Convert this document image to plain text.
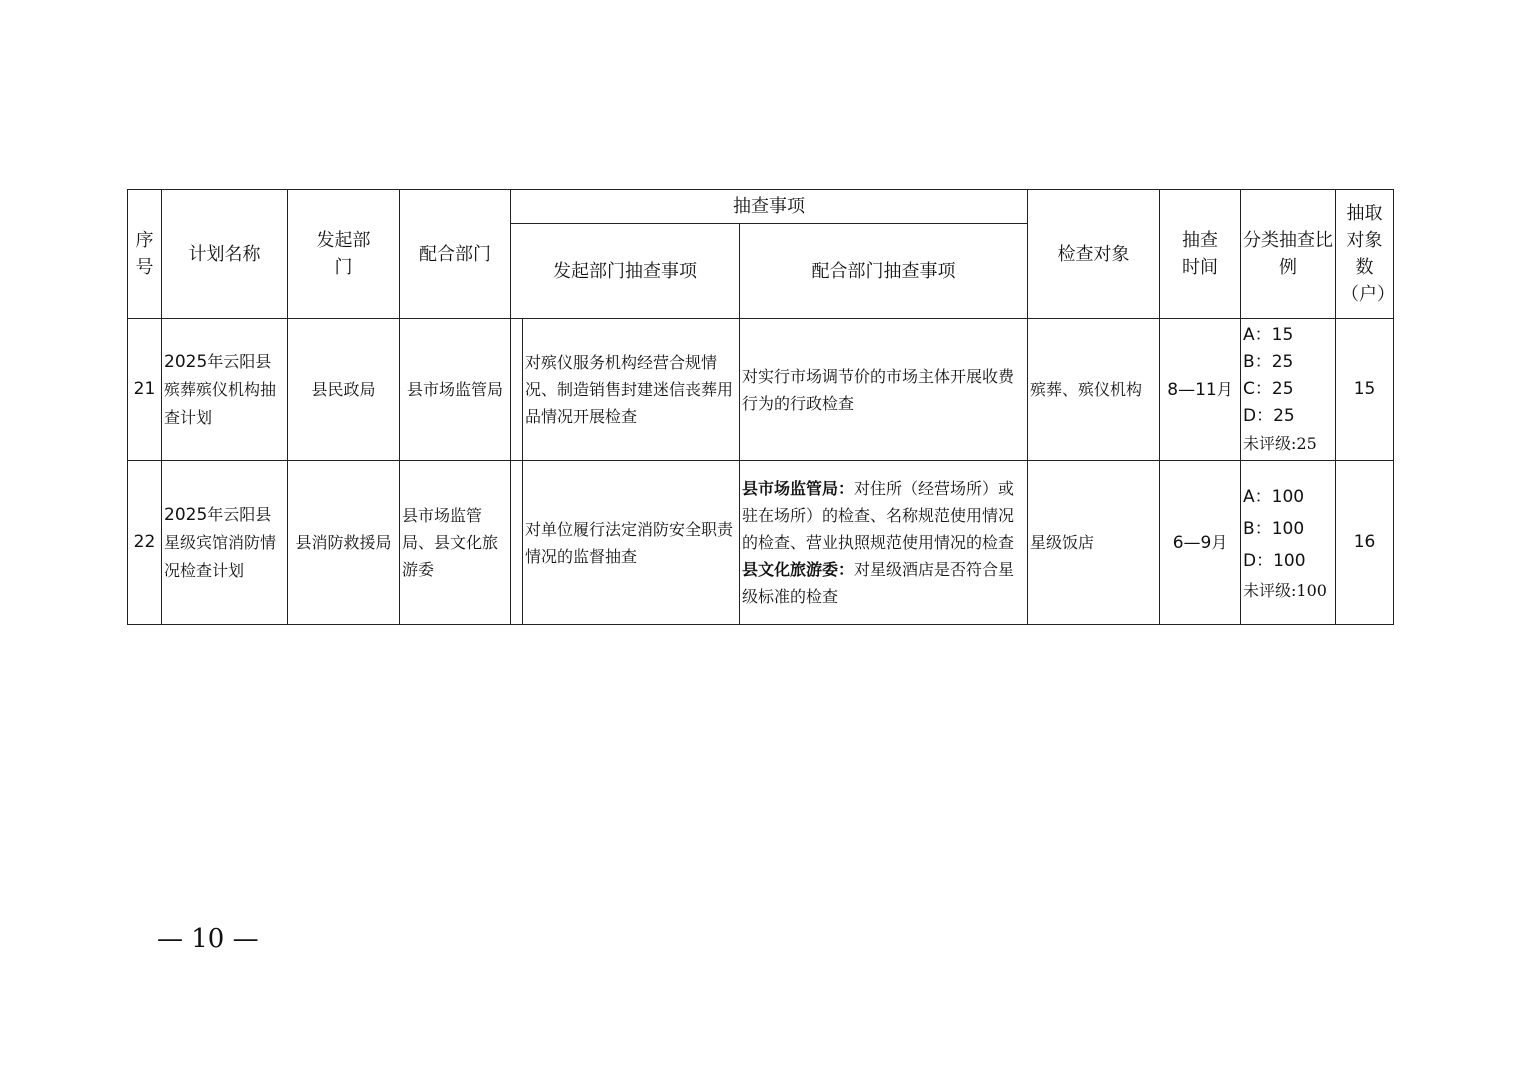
序号	计划名称	发起部门	配合部门	抽查事项			检查对象	抽查时间	分类抽查比例	抽取对象数（户）
				发起部门抽查事项		配合部门抽查事项				
21	2025年云阳县殡葬殡仪机构抽查计划	县民政局	县市场监管局		对殡仪服务机构经营合规情况、制造销售封建迷信丧葬用品情况开展检查	对实行市场调节价的市场主体开展收费行为的行政检查	殡葬、殡仪机构	8—11月	A：15
B：25
C：25
D：25
未评级:25	15
22	2025年云阳县星级宾馆消防情况检查计划	县消防救援局	县市场监管局、县文化旅游委		对单位履行法定消防安全职责情况的监督抽查	县市场监管局：对住所（经营场所）或驻在场所）的检查、名称规范使用情况的检查、营业执照规范使用情况的检查
县文化旅游委：对星级酒店是否符合星级标准的检查	星级饭店	6—9月	A：100
B：100
D：100
未评级:100	16
— 10 —
